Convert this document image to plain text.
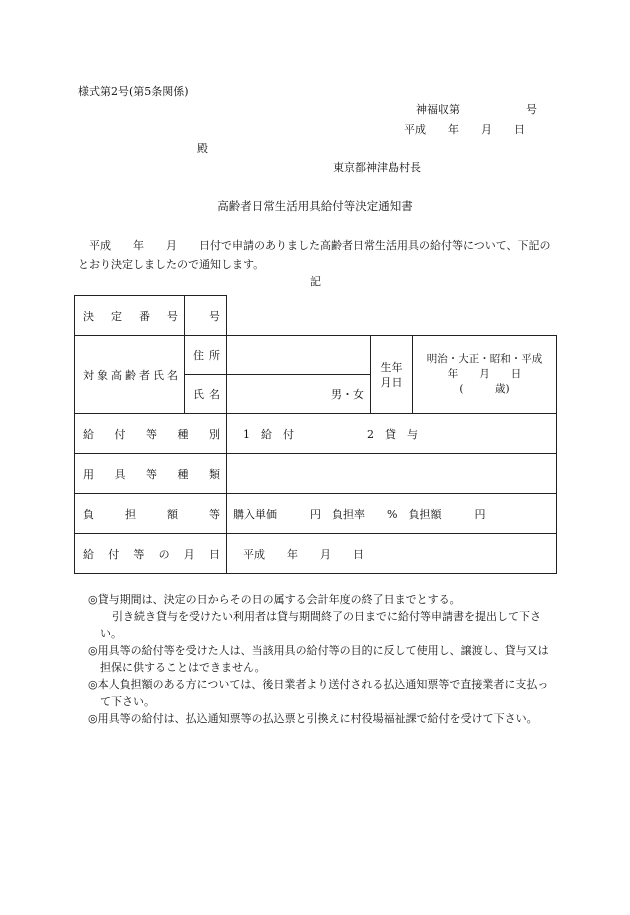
様式第2号(第5条関係)
神福収第　　　　　　号
平成　　年　　月　　日
殿
東京都神津島村長
高齢者日常生活用具給付等決定通知書
平成　　年　　月　　日付で申請のありました高齢者日常生活用具の給付等について、下記のとおり決定しましたので通知します。
記
決定番号	号			
対象高齢者氏名	住所		生年月日	明治・大正・昭和・平成
年　　月　　日
(　　　歳)

	氏名	男・女		
給付等種別		1　給　付 2　貸　与		
用具等種類				
負担額等		購入単価　　　円　負担率　　%　負担額　　　円		
給付等の月日		平成　　年　　月　　日		

◎貸与期間は、決定の日からその日の属する会計年度の終了日までとする。

引き続き貸与を受けたい利用者は貸与期間終了の日までに給付等申請書を提出して下さい。

◎用具等の給付等を受けた人は、当該用具の給付等の目的に反して使用し、譲渡し、貸与又は担保に供することはできません。

◎本人負担額のある方については、後日業者より送付される払込通知票等で直接業者に支払って下さい。

◎用具等の給付は、払込通知票等の払込票と引換えに村役場福祉課で給付を受けて下さい。
